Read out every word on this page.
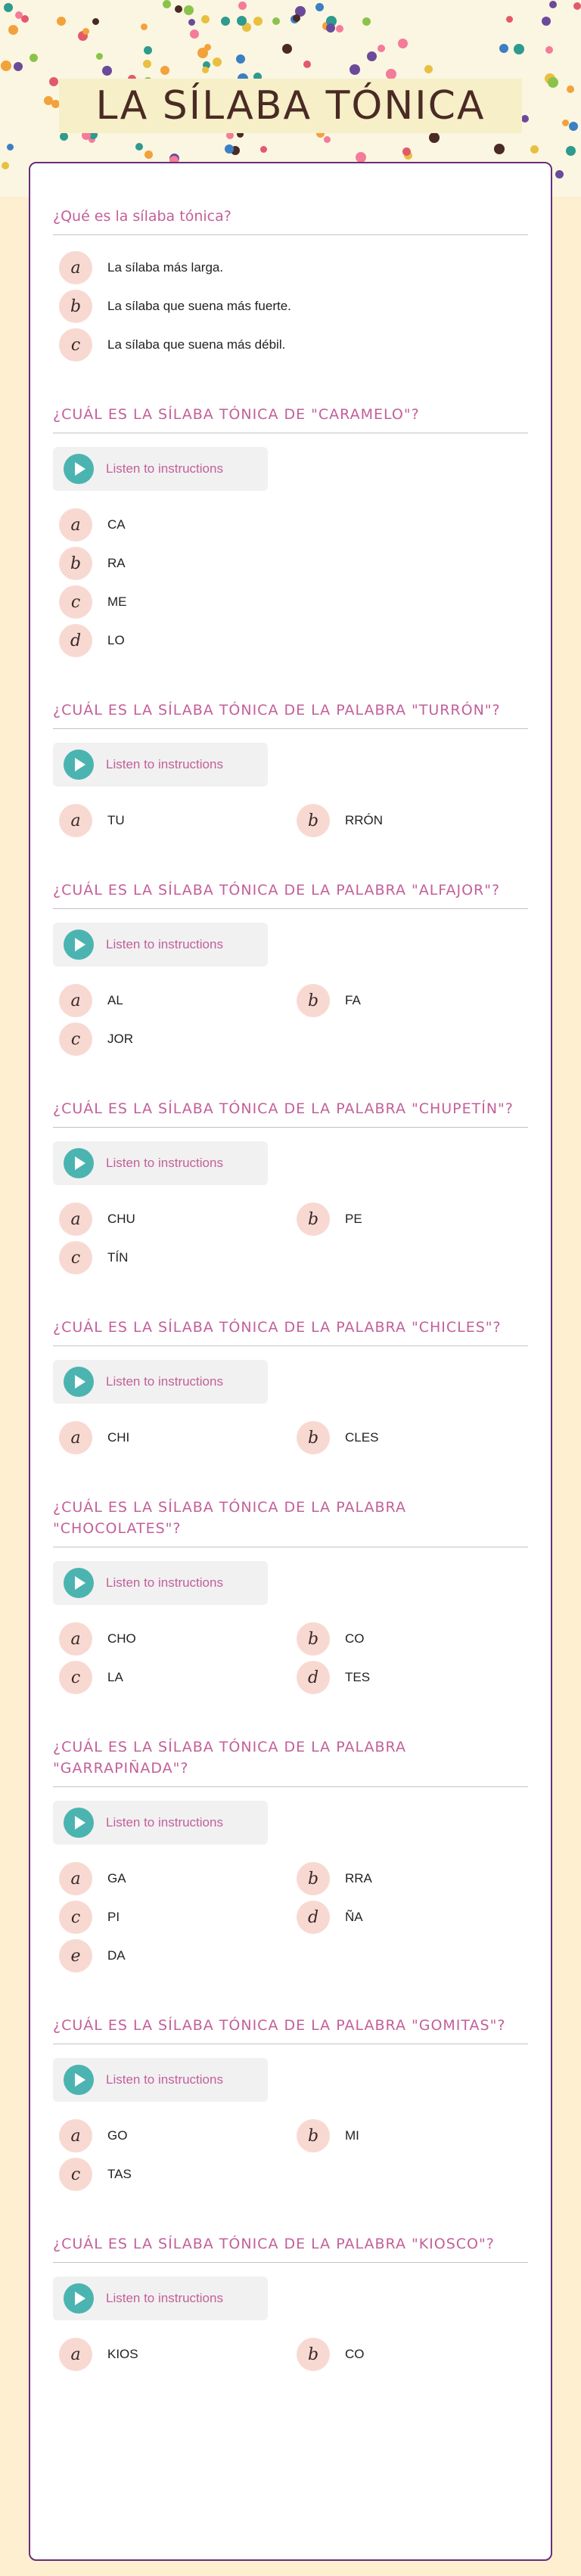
LA SÍLABA TÓNICA
¿Qué es la sílaba tónica?
a	La sílaba más larga.
b	La sílaba que suena más fuerte.
c	La sílaba que suena más débil.
¿CUÁL ES LA SÍLABA TÓNICA DE "CARAMELO"?
Listen to instructions
a	CA
b	RA
c	ME
d	LO
¿CUÁL ES LA SÍLABA TÓNICA DE LA PALABRA "TURRÓN"?
Listen to instructions
a	TU	b	RRÓN
¿CUÁL ES LA SÍLABA TÓNICA DE LA PALABRA "ALFAJOR"?
Listen to instructions
a	AL	b	FA
c	JOR
¿CUÁL ES LA SÍLABA TÓNICA DE LA PALABRA "CHUPETÍN"?
Listen to instructions
a	CHU	b	PE
c	TÍN
¿CUÁL ES LA SÍLABA TÓNICA DE LA PALABRA "CHICLES"?
Listen to instructions
a	CHI	b	CLES
¿CUÁL ES LA SÍLABA TÓNICA DE LA PALABRA "CHOCOLATES"?
Listen to instructions
a	CHO	b	CO
c	LA	d	TES
¿CUÁL ES LA SÍLABA TÓNICA DE LA PALABRA "GARRAPIÑADA"?
Listen to instructions
a	GA	b	RRA
c	PI	d	ÑA
e	DA
¿CUÁL ES LA SÍLABA TÓNICA DE LA PALABRA "GOMITAS"?
Listen to instructions
a	GO	b	MI
c	TAS
¿CUÁL ES LA SÍLABA TÓNICA DE LA PALABRA "KIOSCO"?
Listen to instructions
a	KIOS	b	CO
